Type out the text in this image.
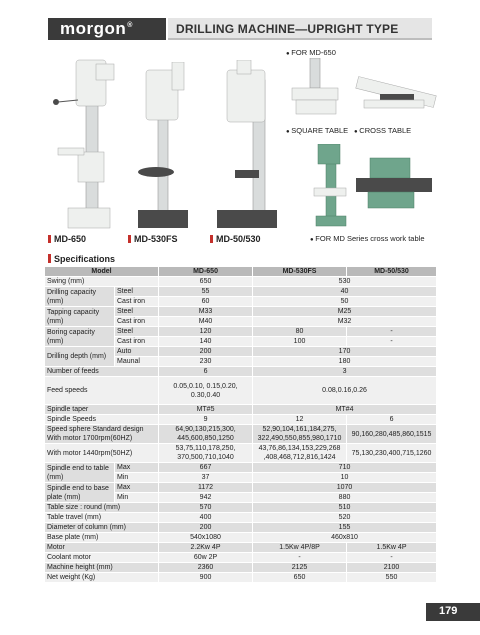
morgon®	DRILLING MACHINE—UPRIGHT TYPE
● FOR MD-650
● SQUARE TABLE	● CROSS TABLE
● FOR MD Series cross work table
MD-650	MD-530FS	MD-50/530
Specifications
Model		MD-650	MD-530FS	MD-50/530
Swing (mm)		650	530	
Drilling capacity (mm)	Steel	55	40	
	Cast iron	60	50	
Tapping capacity (mm)	Steel	M33	M25	
	Cast iron	M40	M32	
Boring capacity (mm)	Steel	120	80	-
	Cast iron	140	100	-
Drilling depth (mm)	Auto	200	170	
	Maunal	230	180	
Number of feeds		6	3	
Feed speeds		0.05,0.10, 0.15,0.20, 0.30,0.40	0.08,0.16,0.26	
Spindle taper		MT#5	MT#4	
Spindle Speeds		9	12	6
Speed sphere Standard design With motor 1700rpm(60HZ)		64,90,130,215,300, 445,600,850,1250	52,90,104,161,184,275, 322,490,550,855,980,1710	90,160,280,485,860,1515
With motor 1440rpm(50HZ)		53,75,110,178,250, 370,500,710,1040	43,76,86,134,153,229,268 ,408,468,712,816,1424	75,130,230,400,715,1260
Spindle end to table (mm)	Max	667	710	
	Min	37	10	
Spindle end to base plate (mm)	Max	1172	1070	
	Min	942	880	
Table size : round (mm)		570	510	
Table travel (mm)		400	520	
Diameter of column (mm)		200	155	
Base plate (mm)		540x1080	460x810	
Motor		2.2Kw 4P	1.5Kw 4P/8P	1.5Kw 4P
Coolant motor		60w 2P	-	-
Machine height (mm)		2360	2125	2100
Net weight (Kg)		900	650	550
179
